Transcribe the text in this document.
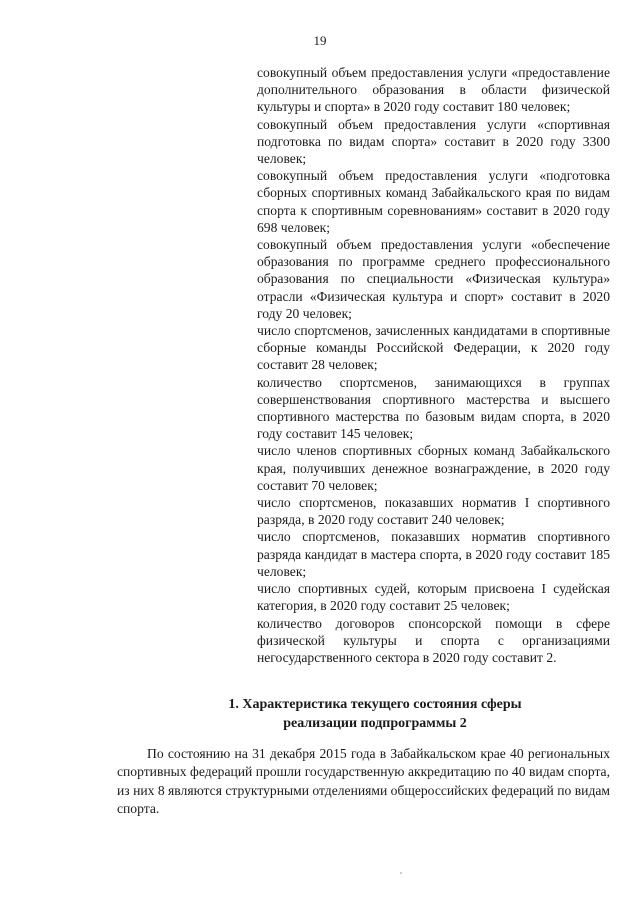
19
совокупный объем предоставления услуги «предоставление дополнительного образования в области физической культуры и спорта» в 2020 году составит 180 человек;
совокупный объем предоставления услуги «спортивная подготовка по видам спорта» составит в 2020 году 3300 человек;
совокупный объем предоставления услуги «подготовка сборных спортивных команд Забайкальского края по видам спорта к спортивным соревнованиям» составит в 2020 году 698 человек;
совокупный объем предоставления услуги «обеспечение образования по программе среднего профессионального образования по специальности «Физическая культура» отрасли «Физическая культура и спорт» составит в 2020 году 20 человек;
число спортсменов, зачисленных кандидатами в спортивные сборные команды Российской Федерации, к 2020 году составит 28 человек;
количество спортсменов, занимающихся в группах совершенствования спортивного мастерства и высшего спортивного мастерства по базовым видам спорта, в 2020 году составит 145 человек;
число членов спортивных сборных команд Забайкальского края, получивших денежное вознаграждение, в 2020 году составит 70 человек;
число спортсменов, показавших норматив I спортивного разряда, в 2020 году составит 240 человек;
число спортсменов, показавших норматив спортивного разряда кандидат в мастера спорта, в 2020 году составит 185 человек;
число спортивных судей, которым присвоена I судейская категория, в 2020 году составит 25 человек;
количество договоров спонсорской помощи в сфере физической культуры и спорта с организациями негосударственного сектора в 2020 году составит 2.
1. Характеристика текущего состояния сферы
реализации подпрограммы 2

По состоянию на 31 декабря 2015 года в Забайкальском крае 40 региональных спортивных федераций прошли государственную аккредитацию по 40 видам спорта, из них 8 являются структурными отделениями общероссийских федераций по видам спорта.
